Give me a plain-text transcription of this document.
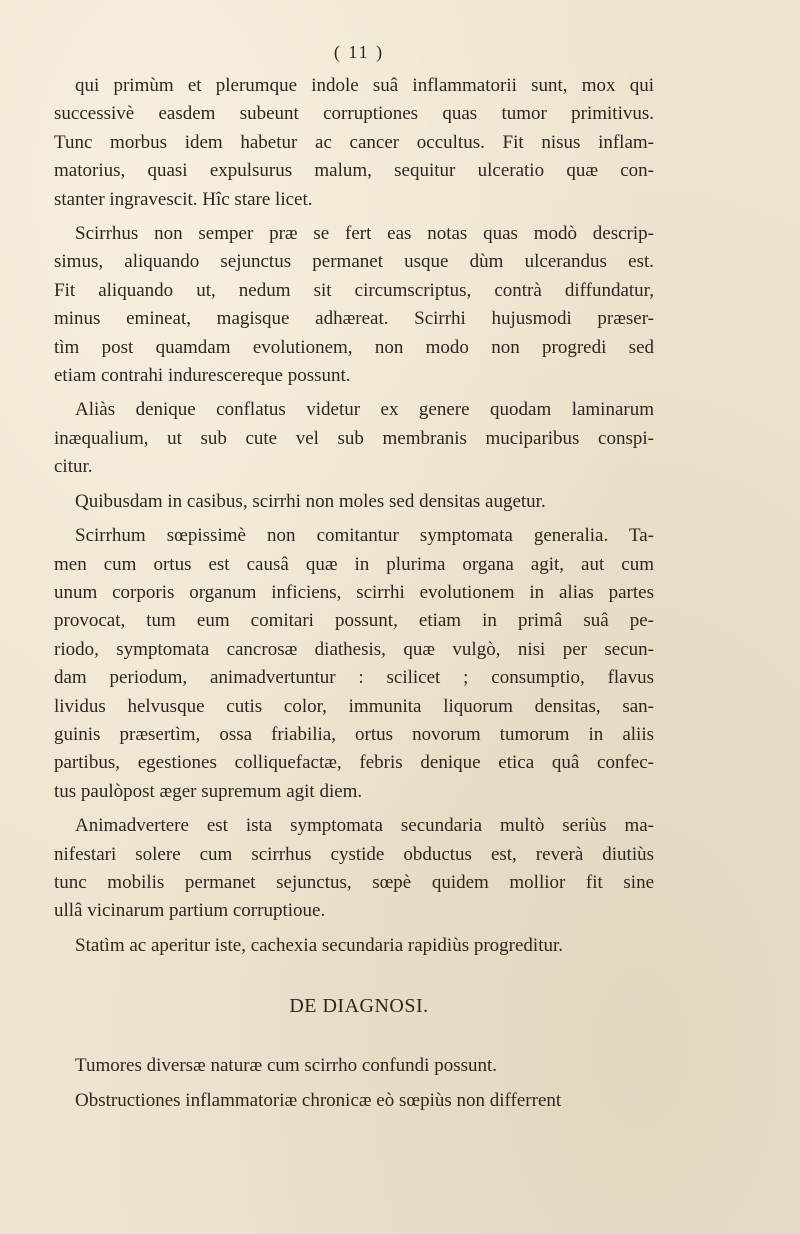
( 11 )
qui primùm et plerumque indole suâ inflammatorii sunt, mox qui
successivè easdem subeunt corruptiones quas tumor primitivus.
Tunc morbus idem habetur ac cancer occultus. Fit nisus inflam-
matorius, quasi expulsurus malum, sequitur ulceratio quæ con-
stanter ingravescit. Hîc stare licet.
Scirrhus non semper præ se fert eas notas quas modò descrip-
simus, aliquando sejunctus permanet usque dùm ulcerandus est.
Fit aliquando ut, nedum sit circumscriptus, contrà diffundatur,
minus emineat, magisque adhæreat. Scirrhi hujusmodi præser-
tìm post quamdam evolutionem, non modo non progredi sed
etiam contrahi indurescereque possunt.
Aliàs denique conflatus videtur ex genere quodam laminarum
inæqualium, ut sub cute vel sub membranis muciparibus conspi-
citur.
Quibusdam in casibus, scirrhi non moles sed densitas augetur.
Scirrhum sœpissimè non comitantur symptomata generalia. Ta-
men cum ortus est causâ quæ in plurima organa agit, aut cum
unum corporis organum inficiens, scirrhi evolutionem in alias partes
provocat, tum eum comitari possunt, etiam in primâ suâ pe-
riodo, symptomata cancrosæ diathesis, quæ vulgò, nisi per secun-
dam periodum, animadvertuntur : scilicet ; consumptio, flavus
lividus helvusque cutis color, immunita liquorum densitas, san-
guinis præsertìm, ossa friabilia, ortus novorum tumorum in aliis
partibus, egestiones colliquefactæ, febris denique etica quâ confec-
tus paulòpost æger supremum agit diem.
Animadvertere est ista symptomata secundaria multò seriùs ma-
nifestari solere cum scirrhus cystide obductus est, reverà diutiùs
tunc mobilis permanet sejunctus, sœpè quidem mollior fit sine
ullâ vicinarum partium corruptioue.
Statìm ac aperitur iste, cachexia secundaria rapidiùs progreditur.
DE DIAGNOSI.
Tumores diversæ naturæ cum scirrho confundi possunt.
Obstructiones inflammatoriæ chronicæ eò sœpiùs non differrent
